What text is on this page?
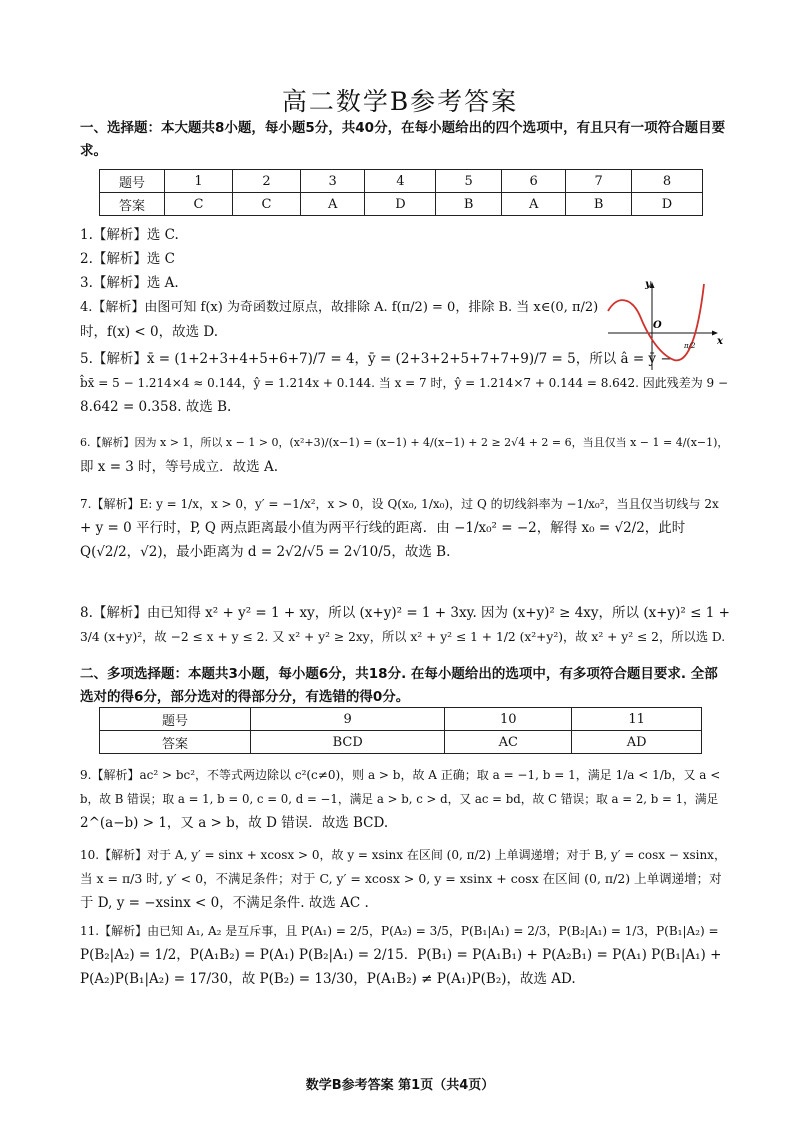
高二数学B参考答案
一、选择题：本大题共8小题，每小题5分，共40分，在每小题给出的四个选项中，有且只有一项符合题目要求。
题号	1	2	3	4	5	6	7	8
答案	C	C	A	D	B	A	B	D

1.【解析】选 C.

2.【解析】选 C

3.【解析】选 A.

4.【解析】由图可知 f(x) 为奇函数过原点，故排除 A. f(π/2) = 0，排除 B. 当 x∈(0, π/2)

时，f(x) < 0，故选 D.

5.【解析】x̄ = (1+2+3+4+5+6+7)/7 = 4，ȳ = (2+3+2+5+7+7+9)/7 = 5，所以 â = ȳ −

b̂x̄ = 5 − 1.214×4 ≈ 0.144，ŷ = 1.214x + 0.144. 当 x = 7 时，ŷ = 1.214×7 + 0.144 = 8.642. 因此残差为 9 −

8.642 = 0.358. 故选 B.

6.【解析】因为 x > 1，所以 x − 1 > 0，(x²+3)/(x−1) = (x−1) + 4/(x−1) + 2 ≥ 2√4 + 2 = 6，当且仅当 x − 1 = 4/(x−1)，

即 x = 3 时，等号成立．故选 A.

7.【解析】E: y = 1/x，x > 0，y′ = −1/x²，x > 0，设 Q(x₀, 1/x₀)，过 Q 的切线斜率为 −1/x₀²，当且仅当切线与 2x

+ y = 0 平行时，P, Q 两点距离最小值为两平行线的距离．由 −1/x₀² = −2，解得 x₀ = √2/2，此时

Q(√2/2，√2)，最小距离为 d = 2√2/√5 = 2√10/5，故选 B.

8.【解析】由已知得 x² + y² = 1 + xy，所以 (x+y)² = 1 + 3xy. 因为 (x+y)² ≥ 4xy，所以 (x+y)² ≤ 1 +

3/4 (x+y)²，故 −2 ≤ x + y ≤ 2. 又 x² + y² ≥ 2xy，所以 x² + y² ≤ 1 + 1/2 (x²+y²)，故 x² + y² ≤ 2，所以选 D.

y
x
O
π/2
二、多项选择题：本题共3小题，每小题6分，共18分. 在每小题给出的选项中，有多项符合题目要求. 全部选对的得6分，部分选对的得部分分，有选错的得0分。
题号	9	10	11
答案	BCD	AC	AD

9.【解析】ac² > bc²，不等式两边除以 c²(c≠0)，则 a > b，故 A 正确；取 a = −1, b = 1，满足 1/a < 1/b，又 a <

b，故 B 错误；取 a = 1, b = 0, c = 0, d = −1，满足 a > b, c > d，又 ac = bd，故 C 错误；取 a = 2, b = 1，满足

2^(a−b) > 1，又 a > b，故 D 错误．故选 BCD.

10.【解析】对于 A, y′ = sinx + xcosx > 0，故 y = xsinx 在区间 (0, π/2) 上单调递增；对于 B, y′ = cosx − xsinx，

当 x = π/3 时, y′ < 0，不满足条件；对于 C, y′ = xcosx > 0, y = xsinx + cosx 在区间 (0, π/2) 上单调递增；对

于 D, y = −xsinx < 0，不满足条件. 故选 AC .

11.【解析】由已知 A₁, A₂ 是互斥事，且 P(A₁) = 2/5，P(A₂) = 3/5，P(B₁|A₁) = 2/3，P(B₂|A₁) = 1/3，P(B₁|A₂) =

P(B₂|A₂) = 1/2，P(A₁B₂) = P(A₁) P(B₂|A₁) = 2/15．P(B₁) = P(A₁B₁) + P(A₂B₁) = P(A₁) P(B₁|A₁) +

P(A₂)P(B₁|A₂) = 17/30，故 P(B₂) = 13/30，P(A₁B₂) ≠ P(A₁)P(B₂)，故选 AD.

数学B参考答案 第1页（共4页）
